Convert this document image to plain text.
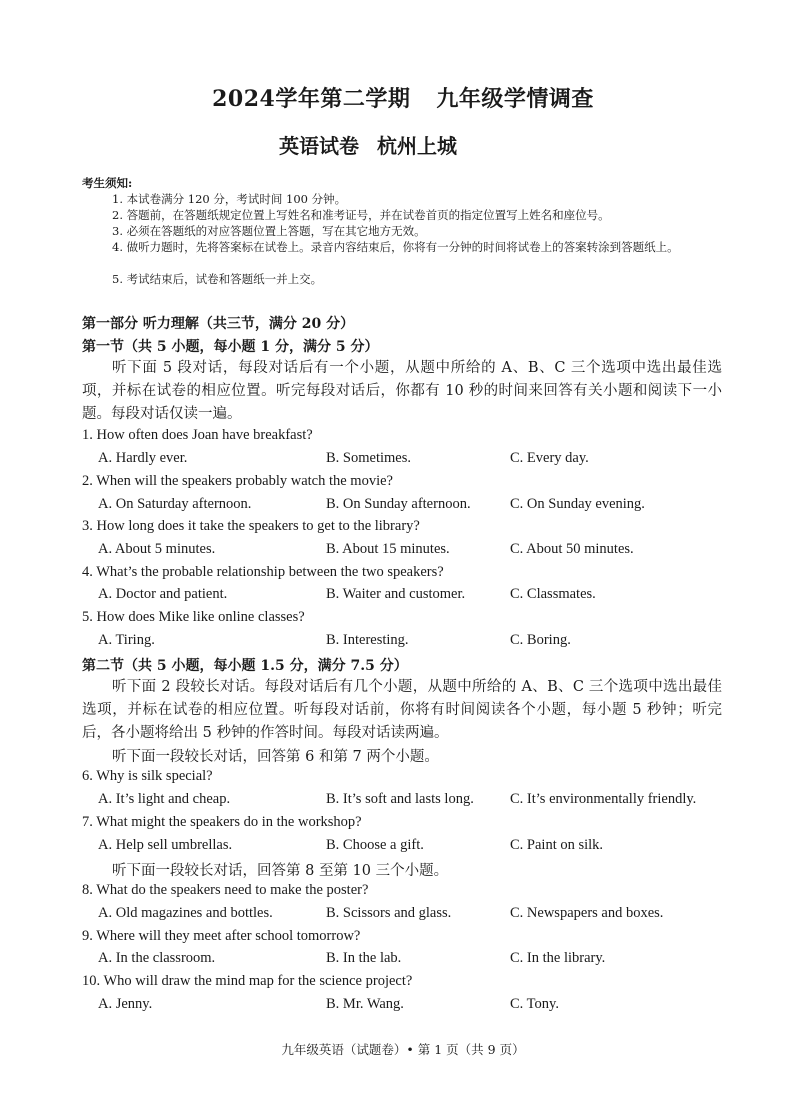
2024学年第二学期 九年级学情调查
英语试卷 杭州上城
考生须知:
1. 本试卷满分 120 分，考试时间 100 分钟。
2. 答题前，在答题纸规定位置上写姓名和准考证号，并在试卷首页的指定位置写上姓名和座位号。
3. 必须在答题纸的对应答题位置上答题，写在其它地方无效。
4. 做听力题时，先将答案标在试卷上。录音内容结束后，你将有一分钟的时间将试卷上的答案转涂到答题纸上。
5. 考试结束后，试卷和答题纸一并上交。
第一部分 听力理解（共三节，满分 20 分）
第一节（共 5 小题，每小题 1 分，满分 5 分）
听下面 5 段对话，每段对话后有一个小题，从题中所给的 A、B、C 三个选项中选出最佳选项，并标在试卷的相应位置。听完每段对话后，你都有 10 秒的时间来回答有关小题和阅读下一小题。每段对话仅读一遍。
1. How often does Joan have breakfast?
A. Hardly ever.	B. Sometimes.	C. Every day.
2. When will the speakers probably watch the movie?
A. On Saturday afternoon.	B. On Sunday afternoon.	C. On Sunday evening.
3. How long does it take the speakers to get to the library?
A. About 5 minutes.	B. About 15 minutes.	C. About 50 minutes.
4. What’s the probable relationship between the two speakers?
A. Doctor and patient.	B. Waiter and customer.	C. Classmates.
5. How does Mike like online classes?
A. Tiring.	B. Interesting.	C. Boring.
第二节（共 5 小题，每小题 1.5 分，满分 7.5 分）
听下面 2 段较长对话。每段对话后有几个小题，从题中所给的 A、B、C 三个选项中选出最佳选项，并标在试卷的相应位置。听每段对话前，你将有时间阅读各个小题，每小题 5 秒钟；听完后，各小题将给出 5 秒钟的作答时间。每段对话读两遍。
听下面一段较长对话，回答第 6 和第 7 两个小题。
6. Why is silk special?
A. It’s light and cheap.	B. It’s soft and lasts long. C. It’s environmentally friendly.
7. What might the speakers do in the workshop?
A. Help sell umbrellas.	B. Choose a gift.	C. Paint on silk.
听下面一段较长对话，回答第 8 至第 10 三个小题。
8. What do the speakers need to make the poster?
A. Old magazines and bottles.	B. Scissors and glass.	C. Newspapers and boxes.
9. Where will they meet after school tomorrow?
A. In the classroom.	B. In the lab.	C. In the library.
10. Who will draw the mind map for the science project?
A. Jenny.	B. Mr. Wang.	C. Tony.
九年级英语（试题卷）• 第 1 页（共 9 页）
